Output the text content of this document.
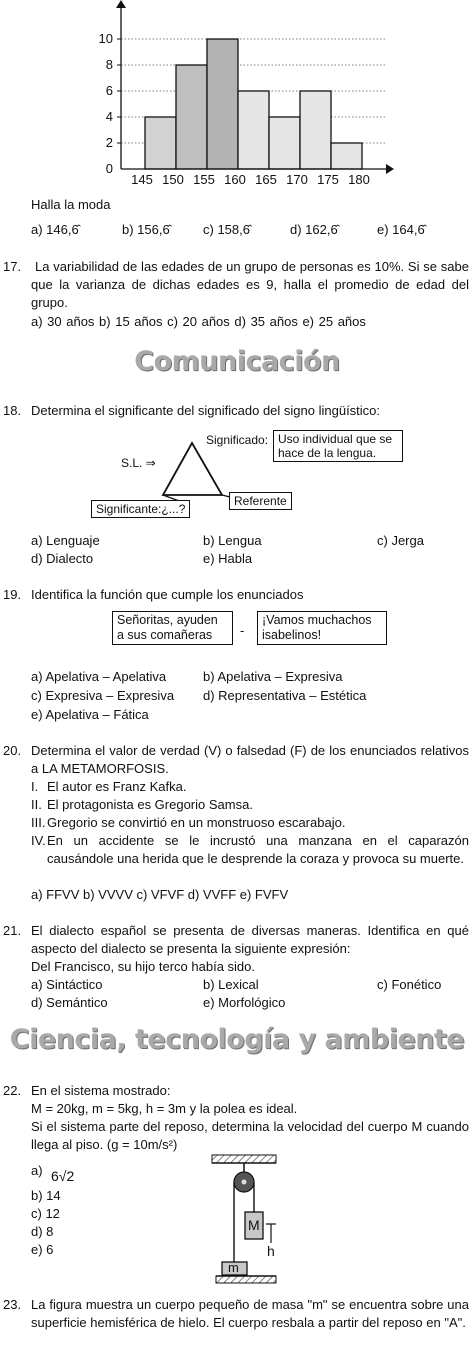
0
2
4
6
8
10
145 150 155 160 165 170 175 180
Halla la moda
a) 146,6̂	b) 156,6̂	c) 158,6̂	d) 162,6̂	e) 164,6̂
17.	La variabilidad de las edades de un grupo de personas es 10%. Si se sabe que la varianza de dichas edades es 9, halla el promedio de edad del grupo.
a) 30 años b) 15 años c) 20 años d) 35 años e) 25 años
Comunicación
18. Determina el significante del significado del signo lingüístico:
S.L. ⇒
Significado: Uso individual que se hace de la lengua.
Referente
Significante:¿...?
a) Lenguaje	b) Lengua	c) Jerga
d) Dialecto	e) Habla
19. Identifica la función que cumple los enunciados
Señoritas, ayuden a sus comañeras	-
¡Vamos muchachos isabelinos!
a) Apelativa – Apelativa	b) Apelativa – Expresiva
c) Expresiva – Expresiva d) Representativa – Estética
e) Apelativa – Fática
20. Determina el valor de verdad (V) o falsedad (F) de los enunciados relativos a LA METAMORFOSIS.
I. El autor es Franz Kafka.
II. El protagonista es Gregorio Samsa.
III. Gregorio se convirtió en un monstruoso escarabajo.
IV. En un accidente se le incrustó una manzana en el caparazón causándole una herida que le desprende la coraza y provoca su muerte.
a) FFVV b) VVVV c) VFVF d) VVFF e) FVFV
21. El dialecto español se presenta de diversas maneras. Identifica en qué aspecto del dialecto se presenta la siguiente expresión:
Del Francisco, su hijo terco había sido.
a) Sintáctico	b) Lexical	c) Fonético
d) Semántico	e) Morfológico
Ciencia, tecnología y ambiente
22. En el sistema mostrado:
M = 20kg, m = 5kg, h = 3m y la polea es ideal.
Si el sistema parte del reposo, determina la velocidad del cuerpo M cuando llega al piso. (g = 10m/s²)
a) 6√2
b) 14
c) 12
d) 8
e) 6
M
m
h
23. La figura muestra un cuerpo pequeño de masa "m" se encuentra sobre una superficie hemisférica de hielo. El cuerpo resbala a partir del reposo en "A".
